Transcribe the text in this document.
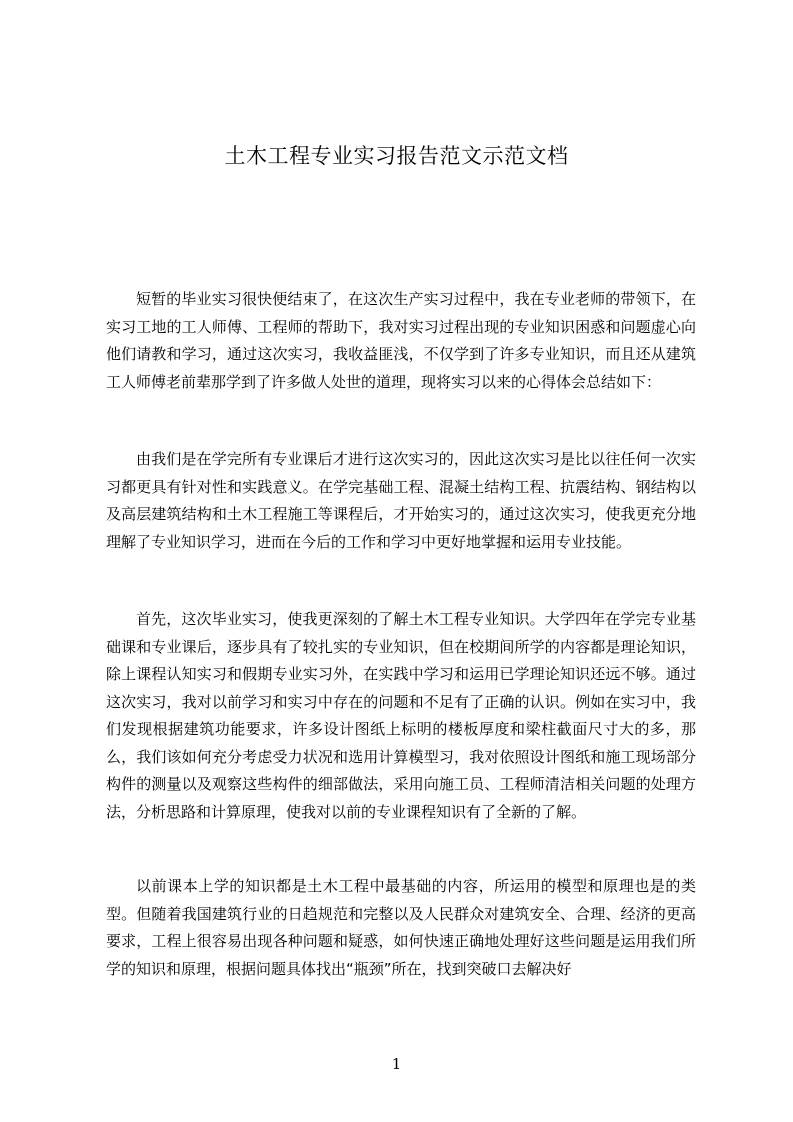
土木工程专业实习报告范文示范文档

短暂的毕业实习很快便结束了，在这次生产实习过程中，我在专业老师的带领下，在实习工地的工人师傅、工程师的帮助下，我对实习过程出现的专业知识困惑和问题虚心向他们请教和学习，通过这次实习，我收益匪浅，不仅学到了许多专业知识，而且还从建筑工人师傅老前辈那学到了许多做人处世的道理，现将实习以来的心得体会总结如下：

由我们是在学完所有专业课后才进行这次实习的，因此这次实习是比以往任何一次实习都更具有针对性和实践意义。在学完基础工程、混凝土结构工程、抗震结构、钢结构以及高层建筑结构和土木工程施工等课程后，才开始实习的，通过这次实习，使我更充分地理解了专业知识学习，进而在今后的工作和学习中更好地掌握和运用专业技能。

首先，这次毕业实习，使我更深刻的了解土木工程专业知识。大学四年在学完专业基础课和专业课后，逐步具有了较扎实的专业知识，但在校期间所学的内容都是理论知识，除上课程认知实习和假期专业实习外，在实践中学习和运用已学理论知识还远不够。通过这次实习，我对以前学习和实习中存在的问题和不足有了正确的认识。例如在实习中，我们发现根据建筑功能要求，许多设计图纸上标明的楼板厚度和梁柱截面尺寸大的多，那么，我们该如何充分考虑受力状况和选用计算模型习，我对依照设计图纸和施工现场部分构件的测量以及观察这些构件的细部做法，采用向施工员、工程师清洁相关问题的处理方法，分析思路和计算原理，使我对以前的专业课程知识有了全新的了解。

以前课本上学的知识都是土木工程中最基础的内容，所运用的模型和原理也是的类型。但随着我国建筑行业的日趋规范和完整以及人民群众对建筑安全、合理、经济的更高要求，工程上很容易出现各种问题和疑惑，如何快速正确地处理好这些问题是运用我们所学的知识和原理，根据问题具体找出“瓶颈”所在，找到突破口去解决好

1
